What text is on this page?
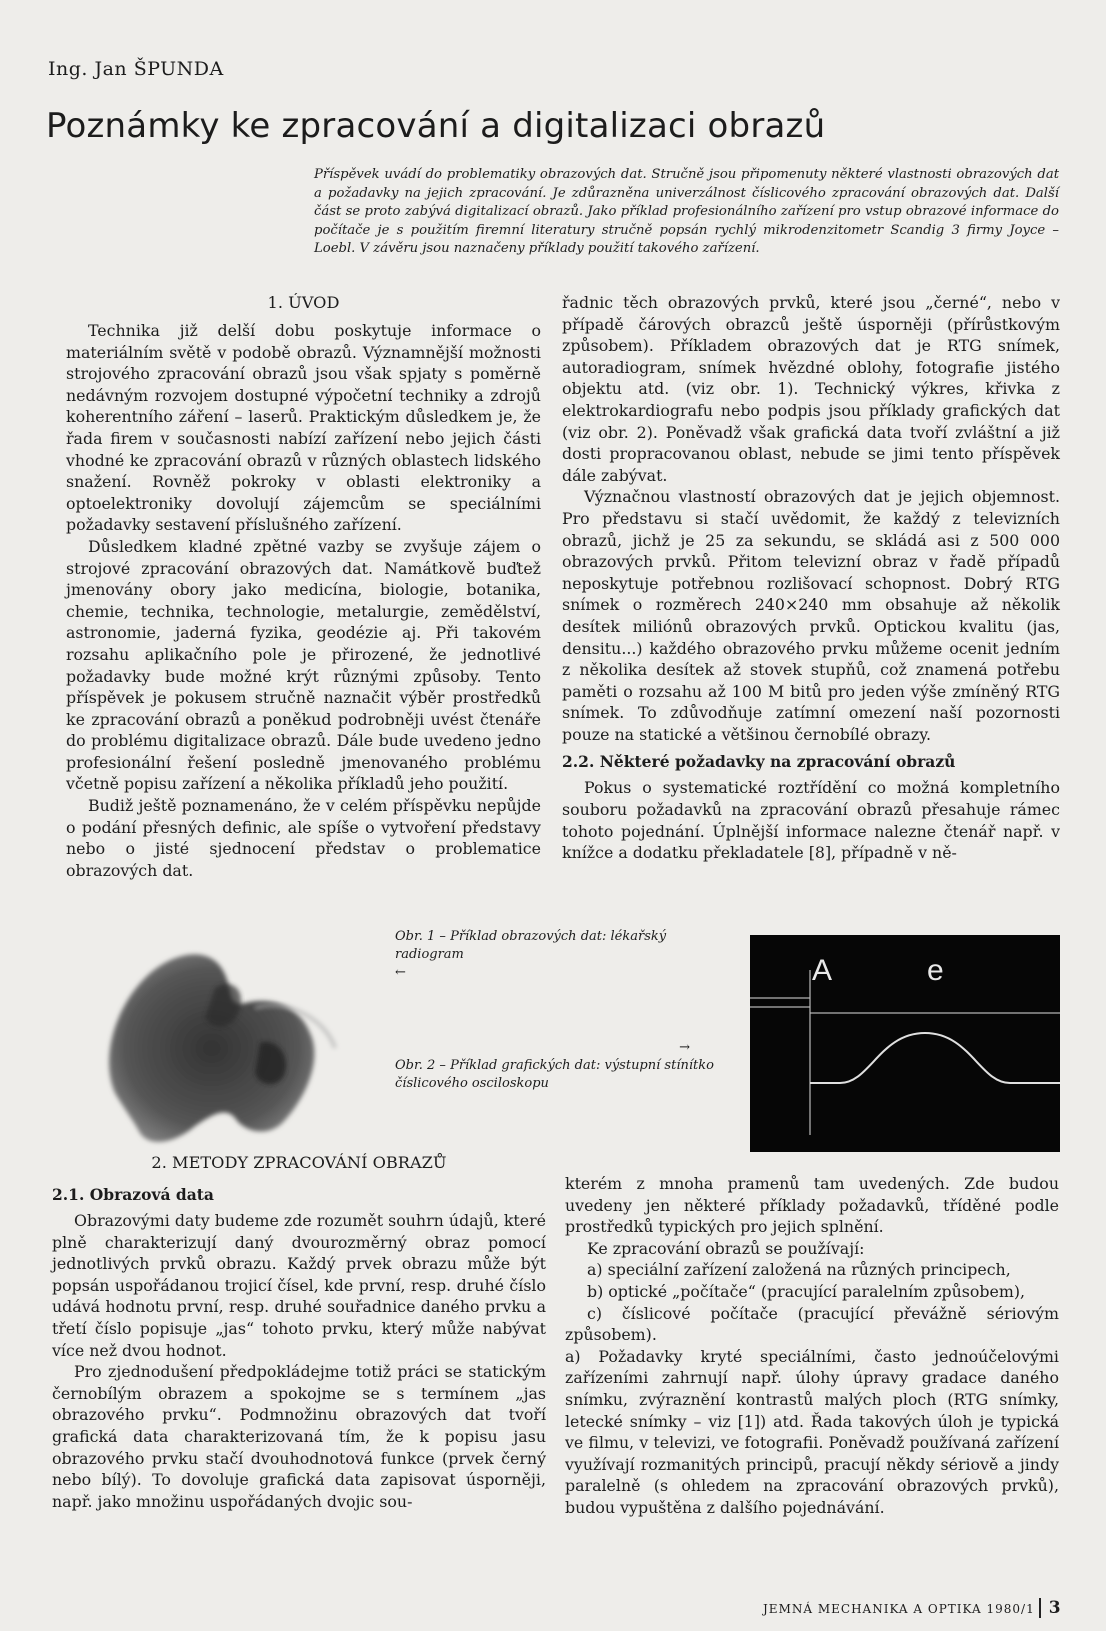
Ing. Jan ŠPUNDA
Poznámky ke zpracování a digitalizaci obrazů
Příspěvek uvádí do problematiky obrazových dat. Stručně jsou připomenuty některé vlastnosti obrazových dat a požadavky na jejich zpracování. Je zdůrazněna univerzálnost číslicového zpracování obrazových dat. Další část se proto zabývá digitalizací obrazů. Jako příklad profesionálního zařízení pro vstup obrazové informace do počítače je s použitím firemní literatury stručně popsán rychlý mikrodenzitometr Scandig 3 firmy Joyce – Loebl. V závěru jsou naznačeny příklady použití takového zařízení.
1. ÚVOD

Technika již delší dobu poskytuje informace o materiálním světě v podobě obrazů. Významnější možnosti strojového zpracování obrazů jsou však spjaty s poměrně nedávným rozvojem dostupné výpočetní techniky a zdrojů koherentního záření – laserů. Praktickým důsledkem je, že řada firem v současnosti nabízí zařízení nebo jejich části vhodné ke zpracování obrazů v různých oblastech lidského snažení. Rovněž pokroky v oblasti elektroniky a optoelektroniky dovolují zájemcům se speciálními požadavky sestavení příslušného zařízení.

Důsledkem kladné zpětné vazby se zvyšuje zájem o strojové zpracování obrazových dat. Namátkově buďtež jmenovány obory jako medicína, biologie, botanika, chemie, technika, technologie, metalurgie, zemědělství, astronomie, jaderná fyzika, geodézie aj. Při takovém rozsahu aplikačního pole je přirozené, že jednotlivé požadavky bude možné krýt různými způsoby. Tento příspěvek je pokusem stručně naznačit výběr prostředků ke zpracování obrazů a poněkud podrobněji uvést čtenáře do problému digitalizace obrazů. Dále bude uvedeno jedno profesionální řešení posledně jmenovaného problému včetně popisu zařízení a několika příkladů jeho použití.

Budiž ještě poznamenáno, že v celém příspěvku nepůjde o podání přesných definic, ale spíše o vytvoření představy nebo o jisté sjednocení představ o problematice obrazových dat.

řadnic těch obrazových prvků, které jsou „černé“, nebo v případě čárových obrazců ještě úsporněji (přírůstkovým způsobem). Příkladem obrazových dat je RTG snímek, autoradiogram, snímek hvězdné oblohy, fotografie jistého objektu atd. (viz obr. 1). Technický výkres, křivka z elektrokardiografu nebo podpis jsou příklady grafických dat (viz obr. 2). Poněvadž však grafická data tvoří zvláštní a již dosti propracovanou oblast, nebude se jimi tento příspěvek dále zabývat.

Význačnou vlastností obrazových dat je jejich objemnost. Pro představu si stačí uvědomit, že každý z televizních obrazů, jichž je 25 za sekundu, se skládá asi z 500 000 obrazových prvků. Přitom televizní obraz v řadě případů neposkytuje potřebnou rozlišovací schopnost. Dobrý RTG snímek o rozměrech 240×240 mm obsahuje až několik desítek miliónů obrazových prvků. Optickou kvalitu (jas, densitu...) každého obrazového prvku můžeme ocenit jedním z několika desítek až stovek stupňů, což znamená potřebu paměti o rozsahu až 100 M bitů pro jeden výše zmíněný RTG snímek. To zdůvodňuje zatímní omezení naší pozornosti pouze na statické a většinou černobílé obrazy.

2.2. Některé požadavky na zpracování obrazů

Pokus o systematické roztřídění co možná kompletního souboru požadavků na zpracování obrazů přesahuje rámec tohoto pojednání. Úplnější informace nalezne čtenář např. v knížce a dodatku překladatele [8], případně v ně-

Obr. 1 – Příklad obrazových dat: lékařský radiogram
←
→
Obr. 2 – Příklad grafických dat: výstupní stínítko číslicového osciloskopu
A	e
2. METODY ZPRACOVÁNÍ OBRAZŮ
2.1. Obrazová data

Obrazovými daty budeme zde rozumět souhrn údajů, které plně charakterizují daný dvourozměrný obraz pomocí jednotlivých prvků obrazu. Každý prvek obrazu může být popsán uspořádanou trojicí čísel, kde první, resp. druhé číslo udává hodnotu první, resp. druhé souřadnice daného prvku a třetí číslo popisuje „jas“ tohoto prvku, který může nabývat více než dvou hodnot.

Pro zjednodušení předpokládejme totiž práci se statickým černobílým obrazem a spokojme se s termínem „jas obrazového prvku“. Podmnožinu obrazových dat tvoří grafická data charakterizovaná tím, že k popisu jasu obrazového prvku stačí dvouhodnotová funkce (prvek černý nebo bílý). To dovoluje grafická data zapisovat úsporněji, např. jako množinu uspořádaných dvojic sou-

kterém z mnoha pramenů tam uvedených. Zde budou uvedeny jen některé příklady požadavků, tříděné podle prostředků typických pro jejich splnění.

Ke zpracování obrazů se používají:

a) speciální zařízení založená na různých principech,

b) optické „počítače“ (pracující paralelním způsobem),

c) číslicové počítače (pracující převážně sériovým způsobem).

a) Požadavky kryté speciálními, často jednoúčelovými zařízeními zahrnují např. úlohy úpravy gradace daného snímku, zvýraznění kontrastů malých ploch (RTG snímky, letecké snímky – viz [1]) atd. Řada takových úloh je typická ve filmu, v televizi, ve fotografii. Poněvadž používaná zařízení využívají rozmanitých principů, pracují někdy sériově a jindy paralelně (s ohledem na zpracování obrazových prvků), budou vypuštěna z dalšího pojednávání.

JEMNÁ MECHANIKA A OPTIKA 1980/1 3
